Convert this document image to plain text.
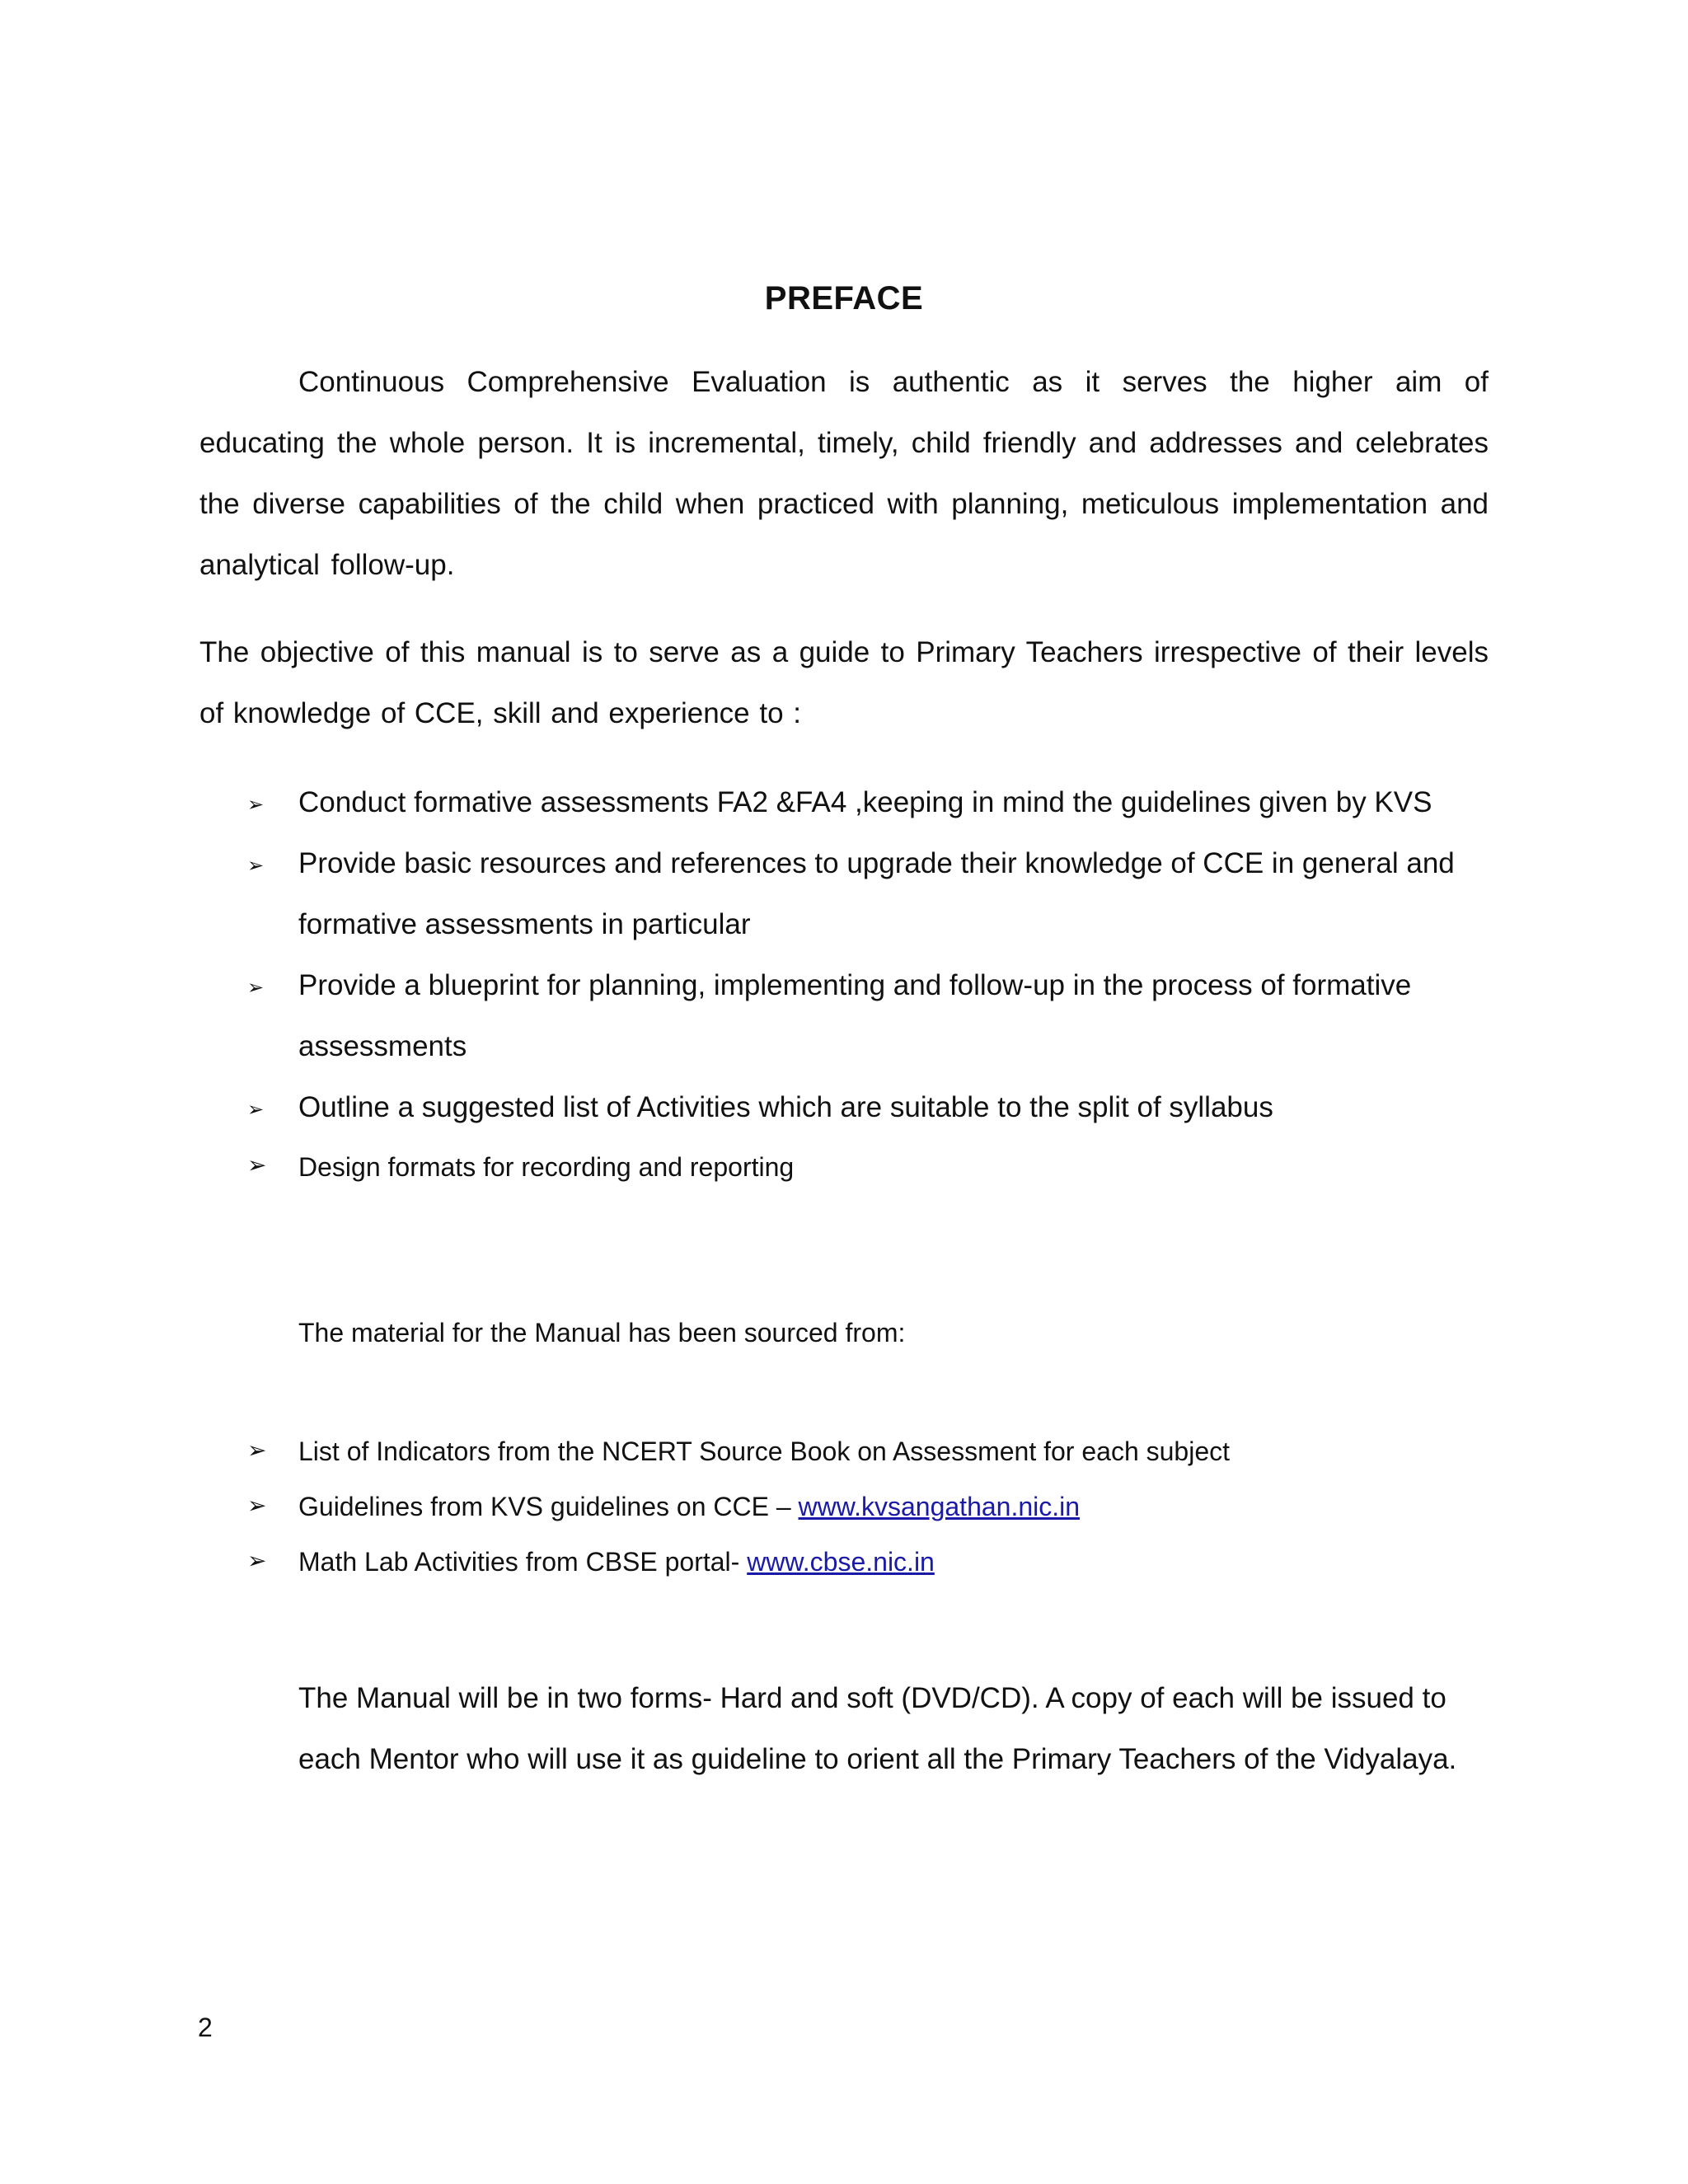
PREFACE
Continuous Comprehensive Evaluation is authentic as it serves the higher aim of educating the whole person. It is incremental, timely, child friendly and addresses and celebrates the diverse capabilities of the child when practiced with planning, meticulous implementation and analytical follow-up.
The objective of this manual is to serve as a guide to Primary Teachers irrespective of their levels of knowledge of CCE, skill and experience to :
➢ Conduct formative assessments FA2 &FA4 ,keeping in mind the guidelines given by KVS
➢ Provide basic resources and references to upgrade their knowledge of CCE in general and formative assessments in particular
➢ Provide a blueprint for planning, implementing and follow-up in the process of formative assessments
➢ Outline a suggested list of Activities which are suitable to the split of syllabus
➢ Design formats for recording and reporting
The material for the Manual has been sourced from:
➢ List of Indicators from the NCERT Source Book on Assessment for each subject
➢ Guidelines from KVS guidelines on CCE – www.kvsangathan.nic.in
➢ Math Lab Activities from CBSE portal- www.cbse.nic.in
The Manual will be in two forms- Hard and soft (DVD/CD). A copy of each will be issued to each Mentor who will use it as guideline to orient all the Primary Teachers of the Vidyalaya.
2
